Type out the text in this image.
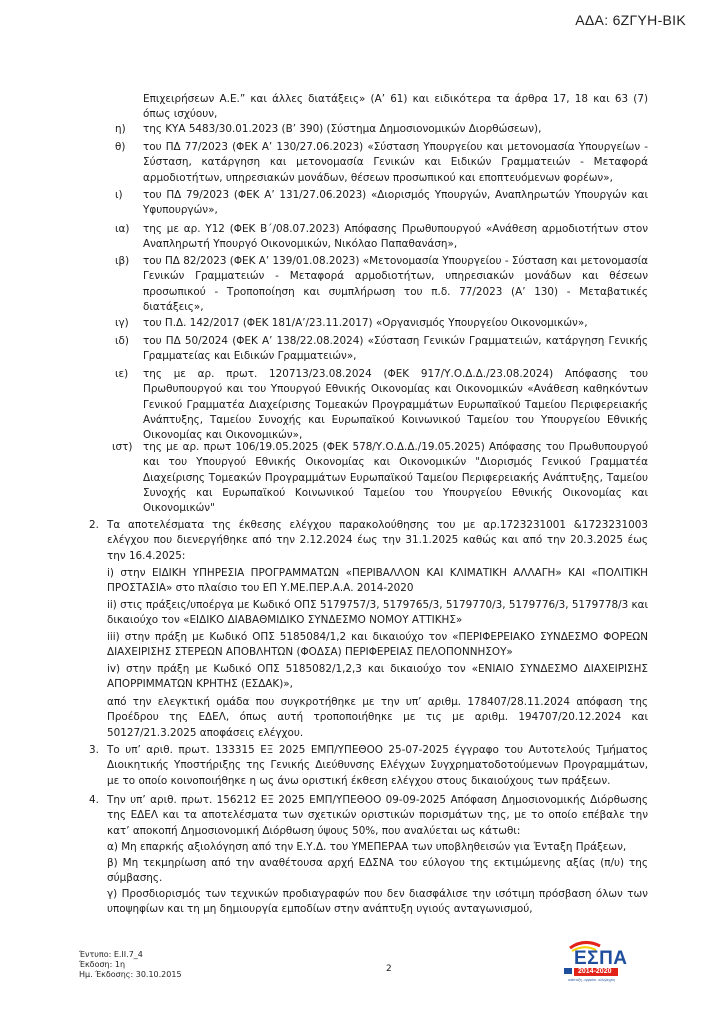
ΑΔΑ: 6ΖΓΥΗ-ΒΙΚ
Επιχειρήσεων Α.Ε.” και άλλες διατάξεις» (Α’ 61) και ειδικότερα τα άρθρα 17, 18 και 63 (7) όπως ισχύουν,
η) της ΚΥΑ 5483/30.01.2023 (Β’ 390) (Σύστημα Δημοσιονομικών Διορθώσεων),
θ) του ΠΔ 77/2023 (ΦΕΚ Α’ 130/27.06.2023) «Σύσταση Υπουργείου και μετονομασία Υπουργείων - Σύσταση, κατάργηση και μετονομασία Γενικών και Ειδικών Γραμματειών - Μεταφορά αρμοδιοτήτων, υπηρεσιακών μονάδων, θέσεων προσωπικού και εποπτευόμενων φορέων»,
ι) του ΠΔ 79/2023 (ΦΕΚ Α’ 131/27.06.2023) «Διορισμός Υπουργών, Αναπληρωτών Υπουργών και Υφυπουργών»,
ια) της με αρ. Υ12 (ΦΕΚ Β΄/08.07.2023) Απόφασης Πρωθυπουργού «Ανάθεση αρμοδιοτήτων στον Αναπληρωτή Υπουργό Οικονομικών, Νικόλαο Παπαθανάση»,
ιβ) του ΠΔ 82/2023 (ΦΕΚ Α’ 139/01.08.2023) «Μετονομασία Υπουργείου - Σύσταση και μετονομασία Γενικών Γραμματειών - Μεταφορά αρμοδιοτήτων, υπηρεσιακών μονάδων και θέσεων προσωπικού - Τροποποίηση και συμπλήρωση του π.δ. 77/2023 (Α’ 130) - Μεταβατικές διατάξεις»,
ιγ) του Π.Δ. 142/2017 (ΦΕΚ 181/Α’/23.11.2017) «Οργανισμός Υπουργείου Οικονομικών»,
ιδ) του ΠΔ 50/2024 (ΦΕΚ Α’ 138/22.08.2024) «Σύσταση Γενικών Γραμματειών, κατάργηση Γενικής Γραμματείας και Ειδικών Γραμματειών»,
ιε) της με αρ. πρωτ. 120713/23.08.2024 (ΦΕΚ 917/Υ.Ο.Δ.Δ./23.08.2024) Απόφασης του Πρωθυπουργού και του Υπουργού Εθνικής Οικονομίας και Οικονομικών «Ανάθεση καθηκόντων Γενικού Γραμματέα Διαχείρισης Τομεακών Προγραμμάτων Ευρωπαϊκού Ταμείου Περιφερειακής Ανάπτυξης, Ταμείου Συνοχής και Ευρωπαϊκού Κοινωνικού Ταμείου του Υπουργείου Εθνικής Οικονομίας και Οικονομικών»,
ιστ) της με αρ. πρωτ 106/19.05.2025 (ΦΕΚ 578/Υ.Ο.Δ.Δ./19.05.2025) Απόφασης του Πρωθυπουργού και του Υπουργού Εθνικής Οικονομίας και Οικονομικών "Διορισμός Γενικού Γραμματέα Διαχείρισης Τομεακών Προγραμμάτων Ευρωπαϊκού Ταμείου Περιφερειακής Ανάπτυξης, Ταμείου Συνοχής και Ευρωπαϊκού Κοινωνικού Ταμείου του Υπουργείου Εθνικής Οικονομίας και Οικονομικών"
2. Τα αποτελέσματα της έκθεσης ελέγχου παρακολούθησης του με αρ.1723231001 &1723231003 ελέγχου που διενεργήθηκε από την 2.12.2024 έως την 31.1.2025 καθώς και από την 20.3.2025 έως την 16.4.2025:
i) στην ΕΙΔΙΚΗ ΥΠΗΡΕΣΙΑ ΠΡΟΓΡΑΜΜΑΤΩΝ «ΠΕΡΙΒΑΛΛΟΝ ΚΑΙ ΚΛΙΜΑΤΙΚΗ ΑΛΛΑΓΗ» ΚΑΙ «ΠΟΛΙΤΙΚΗ ΠΡΟΣΤΑΣΙΑ» στο πλαίσιο του ΕΠ Υ.ΜΕ.ΠΕΡ.Α.Α. 2014-2020
ii) στις πράξεις/υποέργα με Κωδικό ΟΠΣ 5179757/3, 5179765/3, 5179770/3, 5179776/3, 5179778/3 και δικαιούχο τον «ΕΙΔΙΚΟ ΔΙΑΒΑΘΜΙΔΙΚΟ ΣΥΝΔΕΣΜΟ ΝΟΜΟΥ ΑΤΤΙΚΗΣ»
iii) στην πράξη με Κωδικό ΟΠΣ 5185084/1,2 και δικαιούχο τον «ΠΕΡΙΦΕΡΕΙΑΚΟ ΣΥΝΔΕΣΜΟ ΦΟΡΕΩΝ ΔΙΑΧΕΙΡΙΣΗΣ ΣΤΕΡΕΩΝ ΑΠΟΒΛΗΤΩΝ (ΦΟΔΣΑ) ΠΕΡΙΦΕΡΕΙΑΣ ΠΕΛΟΠΟΝΝΗΣΟΥ»
iv) στην πράξη με Κωδικό ΟΠΣ 5185082/1,2,3 και δικαιούχο τον «ΕΝΙΑΙΟ ΣΥΝΔΕΣΜΟ ΔΙΑΧΕΙΡΙΣΗΣ ΑΠΟΡΡΙΜΜΑΤΩΝ ΚΡΗΤΗΣ (ΕΣΔΑΚ)»,
από την ελεγκτική ομάδα που συγκροτήθηκε με την υπ’ αριθμ. 178407/28.11.2024 απόφαση της Προέδρου της ΕΔΕΛ, όπως αυτή τροποποιήθηκε με τις με αριθμ. 194707/20.12.2024 και 50127/21.3.2025 αποφάσεις ελέγχου.
3. Το υπ’ αριθ. πρωτ. 133315 ΕΞ 2025 ΕΜΠ/ΥΠΕΘΟΟ 25-07-2025 έγγραφο του Αυτοτελούς Τμήματος Διοικητικής Υποστήριξης της Γενικής Διεύθυνσης Ελέγχων Συγχρηματοδοτούμενων Προγραμμάτων, με το οποίο κοινοποιήθηκε η ως άνω οριστική έκθεση ελέγχου στους δικαιούχους των πράξεων.
4. Την υπ’ αριθ. πρωτ. 156212 ΕΞ 2025 ΕΜΠ/ΥΠΕΘΟΟ 09-09-2025 Απόφαση Δημοσιονομικής Διόρθωσης της ΕΔΕΛ και τα αποτελέσματα των σχετικών οριστικών πορισμάτων της, με το οποίο επέβαλε την κατ’ αποκοπή Δημοσιονομική Διόρθωση ύψους 50%, που αναλύεται ως κάτωθι:
α) Μη επαρκής αξιολόγηση από την Ε.Υ.Δ. του ΥΜΕΠΕΡΑΑ των υποβληθεισών για Ένταξη Πράξεων,
β) Μη τεκμηρίωση από την αναθέτουσα αρχή ΕΔΣΝΑ του εύλογου της εκτιμώμενης αξίας (π/υ) της σύμβασης.
γ) Προσδιορισμός των τεχνικών προδιαγραφών που δεν διασφάλισε την ισότιμη πρόσβαση όλων των υποψηφίων και τη μη δημιουργία εμποδίων στην ανάπτυξη υγιούς ανταγωνισμού,
Έντυπο: Ε.ΙΙ.7_4
Έκδοση: 1η
Ημ. Έκδοσης: 30.10.2015
2	ΕΣΠΑ
2014-2020
ανάπτυξη - εργασία - αλληλεγγύη
